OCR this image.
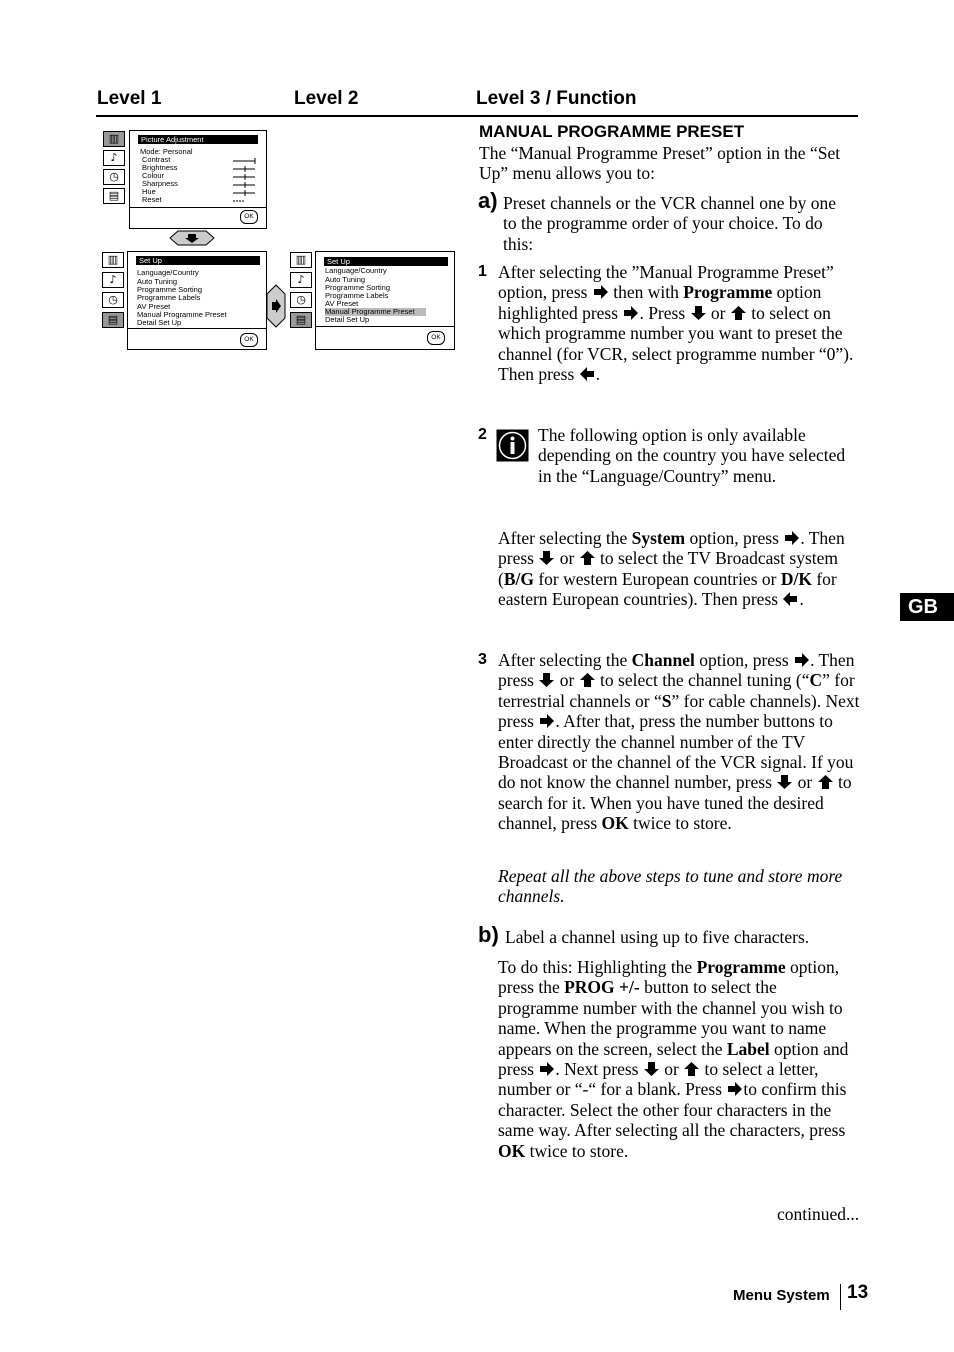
Level 1	Level 2	Level 3 / Function
▥
♪
◷
▤
Picture Adjustment
Mode: Personal
Contrast
Brightness
Colour
Sharpness
Hue
Reset
OK
▥
♪
◷
▤
Set Up
Language/Country
Auto Tuning
Programme Sorting
Programme Labels
AV Preset
Manual Programme Preset
Detail Set Up
OK
▥
♪
◷
▤
Set Up
Language/Country
Auto Tuning
Programme Sorting
Programme Labels
AV Preset
Manual Programme Preset
Detail Set Up
OK
MANUAL PROGRAMME PRESET
The “Manual Programme Preset” option in the “Set Up” menu allows you to:
a) Preset channels or the VCR channel one by one to the programme order of your choice. To do this:
1 After selecting the ”Manual Programme Preset” option, press then with Programme option highlighted press . Press or to select on which programme number you want to preset the channel (for VCR, select programme number “0”). Then press .
2	The following option is only available depending on the country you have selected in the “Language/Country” menu.
After selecting the System option, press . Then press or to select the TV Broadcast system (B/G for western European countries or D/K for eastern European countries). Then press .
3 After selecting the Channel option, press . Then press or to select the channel tuning (“C” for terrestrial channels or “S” for cable channels). Next press . After that, press the number buttons to enter directly the channel number of the TV Broadcast or the channel of the VCR signal. If you do not know the channel number, press or to search for it. When you have tuned the desired channel, press OK twice to store.
Repeat all the above steps to tune and store more channels.
b) Label a channel using up to five characters.
To do this: Highlighting the Programme option, press the PROG +/- button to select the programme number with the channel you wish to name. When the programme you want to name appears on the screen, select the Label option and press . Next press or to select a letter, number or “-“ for a blank. Press to confirm this character. Select the other four characters in the same way. After selecting all the characters, press OK twice to store.
continued...
GB
Menu System 13
